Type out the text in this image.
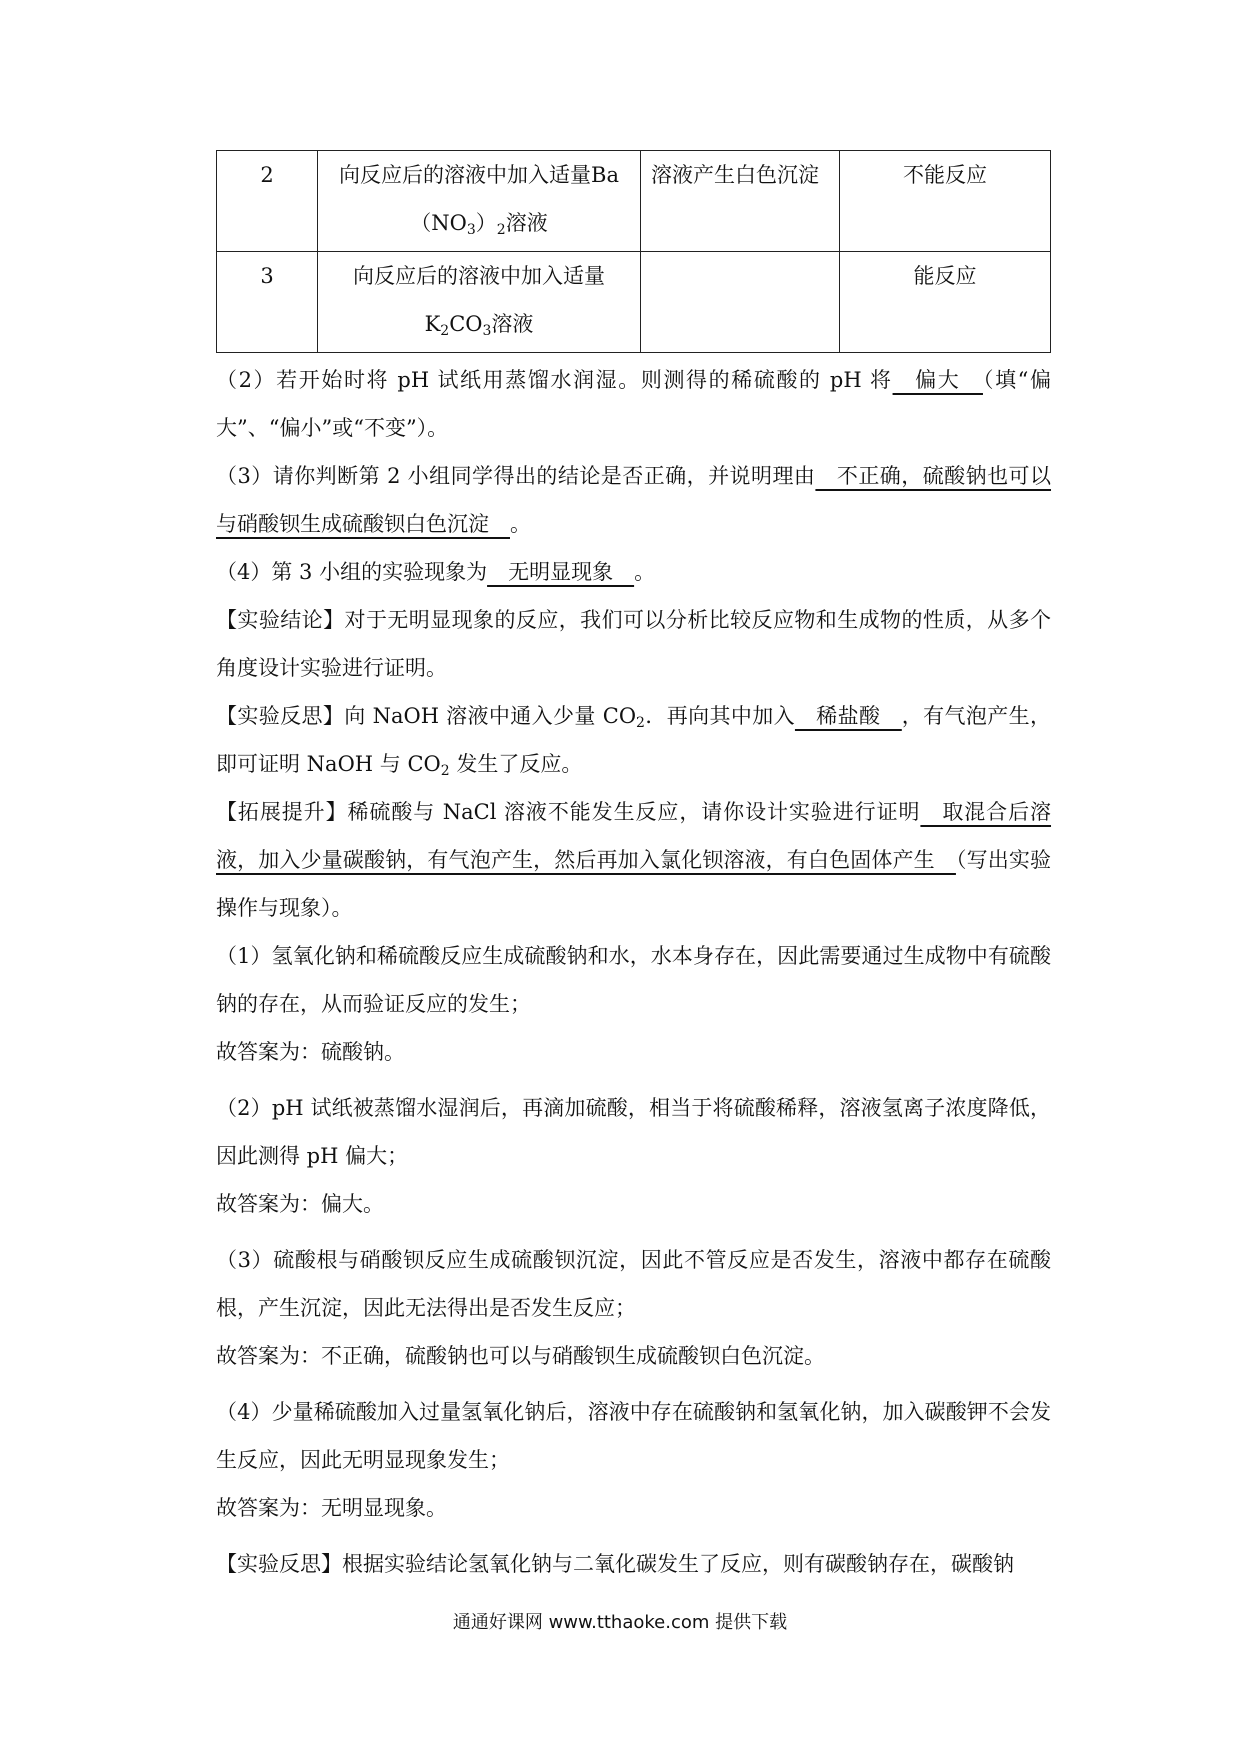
2	向反应后的溶液中加入适量$Ba(NO_3)_2$溶液	溶液产生白色沉淀	不能反应
3	向反应后的溶液中加入适量$K_2CO_3$溶液		能反应

（2）若开始时将 pH 试纸用蒸馏水润湿。则测得的稀硫酸的 pH 将　偏大　（填“偏大”、“偏小”或“不变”）。

（3）请你判断第 2 小组同学得出的结论是否正确，并说明理由　不正确，硫酸钠也可以与硝酸钡生成硫酸钡白色沉淀　。

（4）第 3 小组的实验现象为　无明显现象　。

【实验结论】对于无明显现象的反应，我们可以分析比较反应物和生成物的性质，从多个角度设计实验进行证明。

【实验反思】向 NaOH 溶液中通入少量 $CO_2$．再向其中加入　稀盐酸　，有气泡产生，即可证明 NaOH 与 $CO_2$ 发生了反应。

【拓展提升】稀硫酸与 NaCl 溶液不能发生反应，请你设计实验进行证明　取混合后溶液，加入少量碳酸钠，有气泡产生，然后再加入氯化钡溶液，有白色固体产生　（写出实验操作与现象）。

（1）氢氧化钠和稀硫酸反应生成硫酸钠和水，水本身存在，因此需要通过生成物中有硫酸钠的存在，从而验证反应的发生；

故答案为：硫酸钠。

（2）pH 试纸被蒸馏水湿润后，再滴加硫酸，相当于将硫酸稀释，溶液氢离子浓度降低，因此测得 pH 偏大；

故答案为：偏大。

（3）硫酸根与硝酸钡反应生成硫酸钡沉淀，因此不管反应是否发生，溶液中都存在硫酸根，产生沉淀，因此无法得出是否发生反应；

故答案为：不正确，硫酸钠也可以与硝酸钡生成硫酸钡白色沉淀。

（4）少量稀硫酸加入过量氢氧化钠后，溶液中存在硫酸钠和氢氧化钠，加入碳酸钾不会发生反应，因此无明显现象发生；

故答案为：无明显现象。

【实验反思】根据实验结论氢氧化钠与二氧化碳发生了反应，则有碳酸钠存在，碳酸钠

通通好课网 www.tthaoke.com 提供下载
